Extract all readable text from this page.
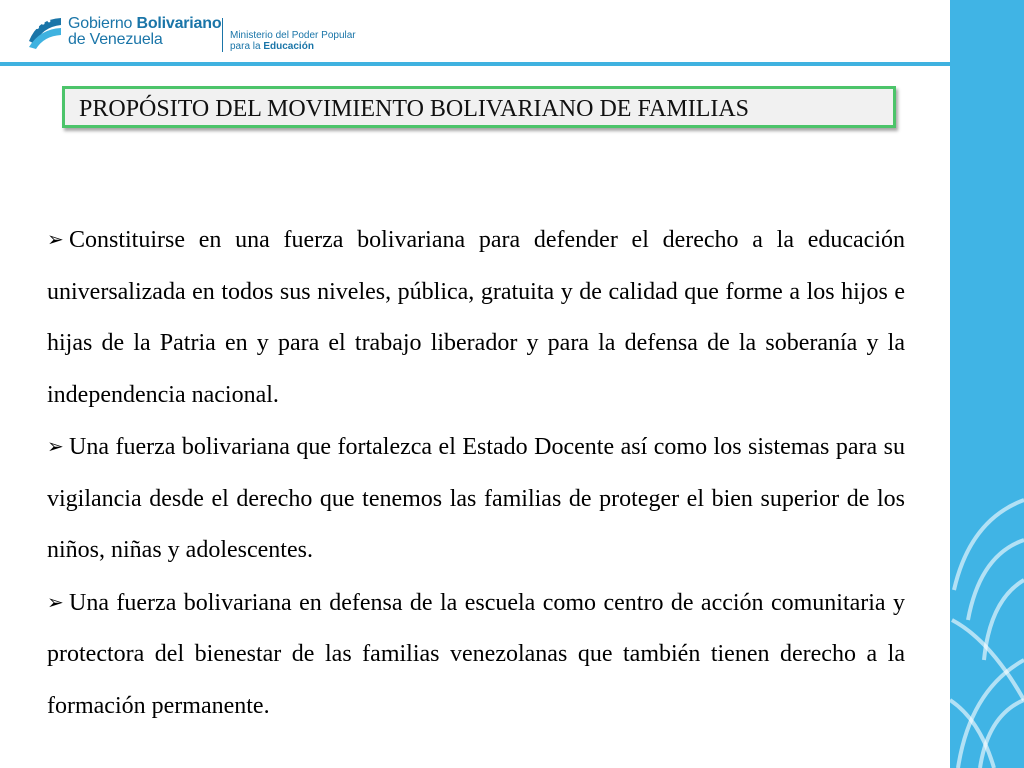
Gobierno Bolivariano
de Venezuela	Ministerio del Poder Popular
para la Educación
PROPÓSITO DEL MOVIMIENTO BOLIVARIANO DE FAMILIAS
➢ Constituirse en una fuerza bolivariana para defender el derecho a la educación universalizada en todos sus niveles, pública, gratuita y de calidad que forme a los hijos e hijas de la Patria en y para el trabajo liberador y para la defensa de la soberanía y la independencia nacional.
➢ Una fuerza bolivariana que fortalezca el Estado Docente así como los sistemas para su vigilancia desde el derecho que tenemos las familias de proteger el bien superior de los niños, niñas y adolescentes.
➢ Una fuerza bolivariana en defensa de la escuela como centro de acción comunitaria y protectora del bienestar de las familias venezolanas que también tienen derecho a la formación permanente.
